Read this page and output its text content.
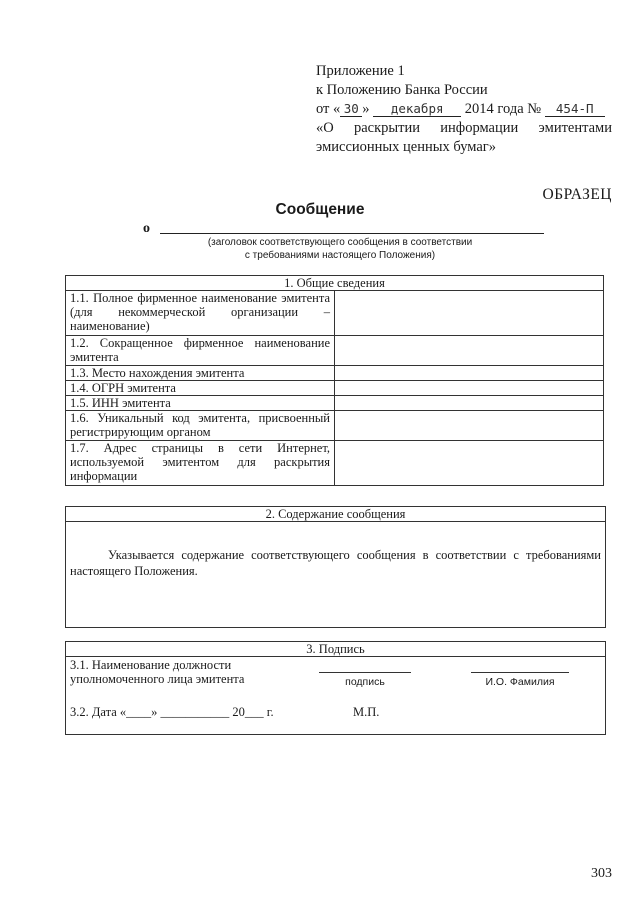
Приложение 1
к Положению Банка России
от « 30 » декабря 2014 года № 454-П
«О раскрытии информации эмитентами
эмиссионных ценных бумаг»
ОБРАЗЕЦ
Сообщение
о
(заголовок соответствующего сообщения в соответствии
с требованиями настоящего Положения)
1. Общие сведения	
1.1. Полное фирменное наименование эмитента (для некоммерческой организации – наименование)	
1.2. Сокращенное фирменное наименование эмитента	
1.3. Место нахождения эмитента	
1.4. ОГРН эмитента	
1.5. ИНН эмитента	
1.6. Уникальный код эмитента, присвоенный регистрирующим органом	
1.7. Адрес страницы в сети Интернет, используемой эмитентом для раскрытия информации	
2. Содержание сообщения
Указывается содержание соответствующего сообщения в соответствии с требованиями настоящего Положения.
3. Подпись
3.1. Наименование должности
уполномоченного лица эмитента	подпись	И.О. Фамилия
3.2. Дата «____» ___________ 20___ г.	М.П.
303
